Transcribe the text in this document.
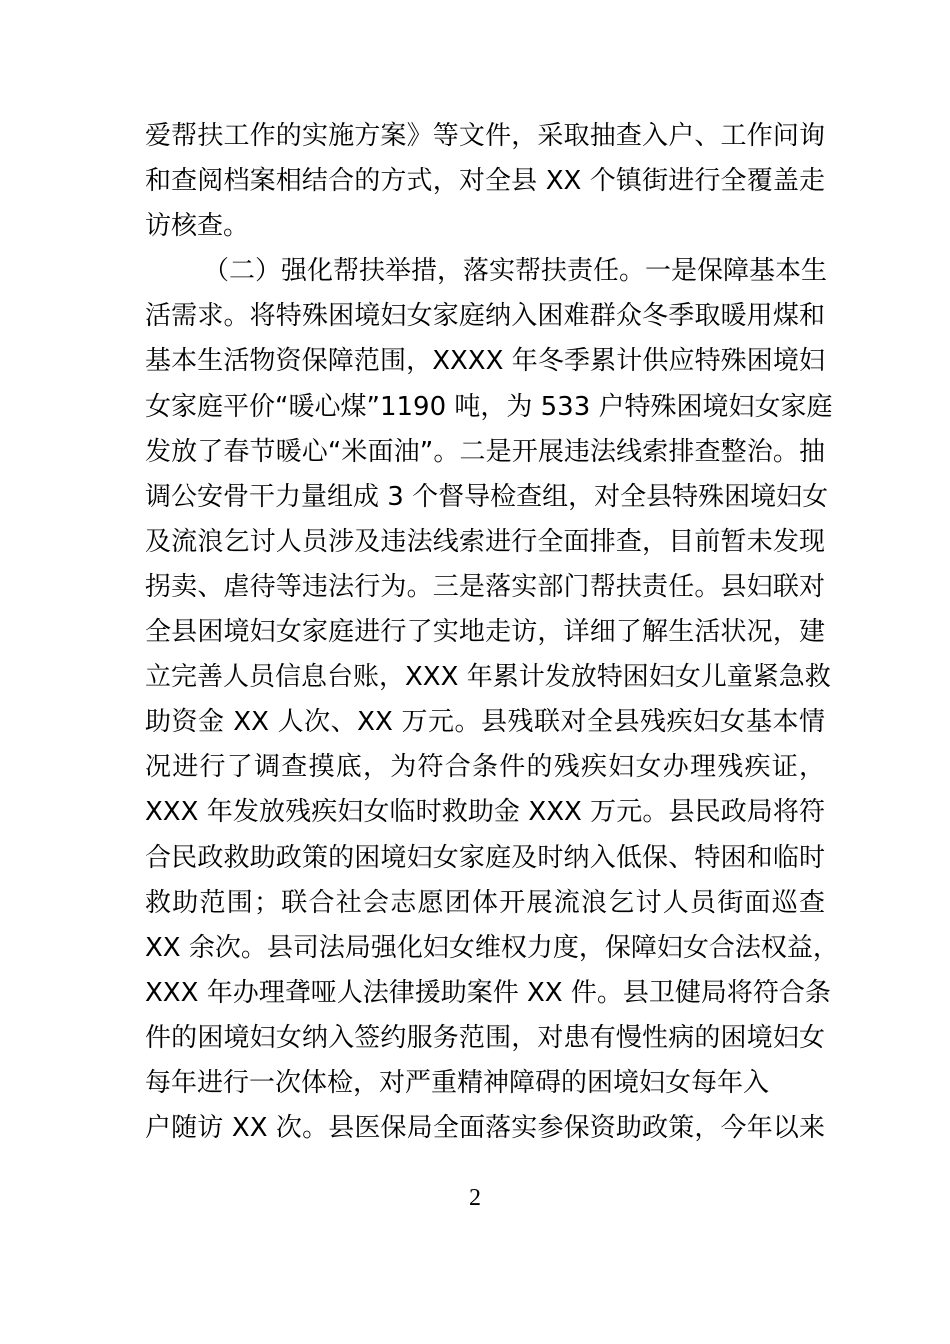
爱帮扶工作的实施方案》等文件，采取抽查入户、工作问询
和查阅档案相结合的方式，对全县 XX 个镇街进行全覆盖走
访核查。
（二）强化帮扶举措，落实帮扶责任。一是保障基本生
活需求。将特殊困境妇女家庭纳入困难群众冬季取暖用煤和
基本生活物资保障范围，XXXX 年冬季累计供应特殊困境妇
女家庭平价“暖心煤”1190 吨，为 533 户特殊困境妇女家庭
发放了春节暖心“米面油”。二是开展违法线索排查整治。抽
调公安骨干力量组成 3 个督导检查组，对全县特殊困境妇女
及流浪乞讨人员涉及违法线索进行全面排查，目前暂未发现
拐卖、虐待等违法行为。三是落实部门帮扶责任。县妇联对
全县困境妇女家庭进行了实地走访，详细了解生活状况，建
立完善人员信息台账，XXX 年累计发放特困妇女儿童紧急救
助资金 XX 人次、XX 万元。县残联对全县残疾妇女基本情
况进行了调查摸底，为符合条件的残疾妇女办理残疾证，
XXX 年发放残疾妇女临时救助金 XXX 万元。县民政局将符
合民政救助政策的困境妇女家庭及时纳入低保、特困和临时
救助范围；联合社会志愿团体开展流浪乞讨人员街面巡查
XX 余次。县司法局强化妇女维权力度，保障妇女合法权益，
XXX 年办理聋哑人法律援助案件 XX 件。县卫健局将符合条
件的困境妇女纳入签约服务范围，对患有慢性病的困境妇女
每年进行一次体检，对严重精神障碍的困境妇女每年入
户随访 XX 次。县医保局全面落实参保资助政策，今年以来
2
